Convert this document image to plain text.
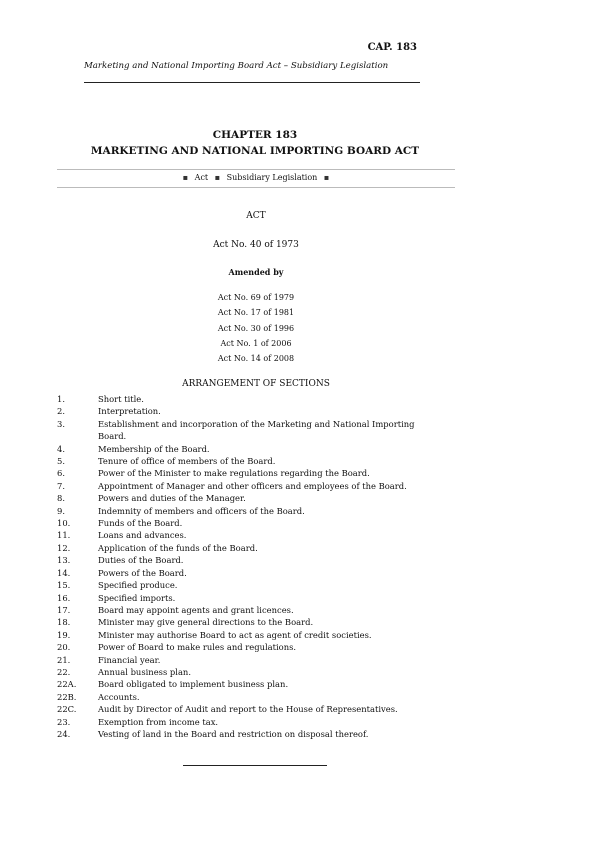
CAP. 183
Marketing and National Importing Board Act – Subsidiary Legislation
CHAPTER 183
MARKETING AND NATIONAL IMPORTING BOARD ACT
▪ Act ▪ Subsidiary Legislation ▪
ACT
Act No. 40 of 1973
Amended by
Act No. 69 of 1979
Act No. 17 of 1981
Act No. 30 of 1996
Act No. 1 of 2006
Act No. 14 of 2008
ARRANGEMENT OF SECTIONS
1.	Short title.
2.	Interpretation.
3.	Establishment and incorporation of the Marketing and National Importing Board.
4.	Membership of the Board.
5.	Tenure of office of members of the Board.
6.	Power of the Minister to make regulations regarding the Board.
7.	Appointment of Manager and other officers and employees of the Board.
8.	Powers and duties of the Manager.
9.	Indemnity of members and officers of the Board.
10.	Funds of the Board.
11.	Loans and advances.
12.	Application of the funds of the Board.
13.	Duties of the Board.
14.	Powers of the Board.
15.	Specified produce.
16.	Specified imports.
17.	Board may appoint agents and grant licences.
18.	Minister may give general directions to the Board.
19.	Minister may authorise Board to act as agent of credit societies.
20.	Power of Board to make rules and regulations.
21.	Financial year.
22.	Annual business plan.
22A.	Board obligated to implement business plan.
22B.	Accounts.
22C.	Audit by Director of Audit and report to the House of Representatives.
23.	Exemption from income tax.
24.	Vesting of land in the Board and restriction on disposal thereof.
